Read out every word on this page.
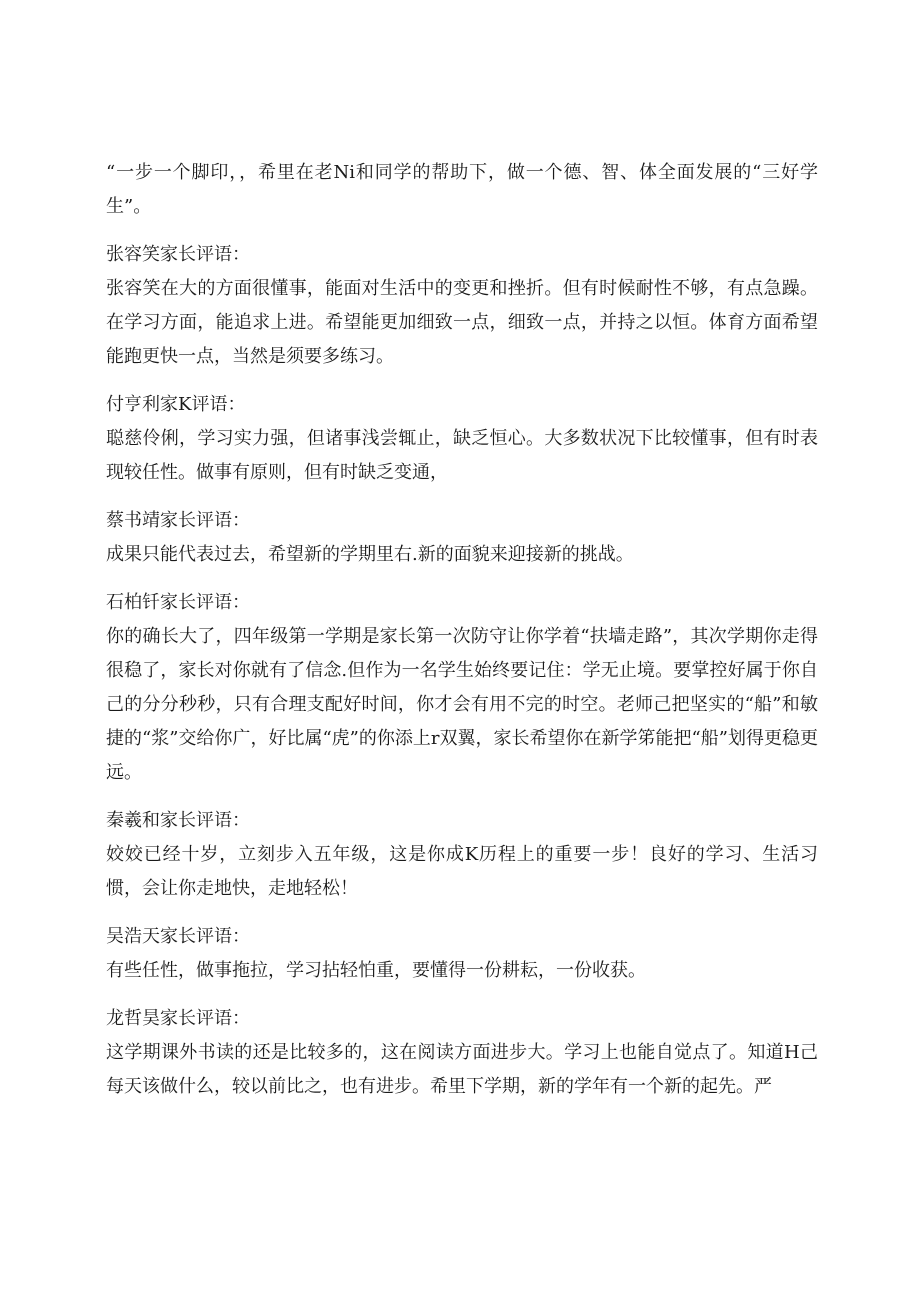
“一步一个脚印，，希里在老Ni和同学的帮助下，做一个德、智、体全面发展的“三好学生”。

张容笑家长评语：
张容笑在大的方面很懂事，能面对生活中的变更和挫折。但有时候耐性不够，有点急躁。在学习方面，能追求上进。希望能更加细致一点，细致一点，并持之以恒。体育方面希望能跑更快一点，当然是须要多练习。
付亨利家K评语：
聪慈伶俐，学习实力强，但诸事浅尝辄止，缺乏恒心。大多数状况下比较懂事，但有时表现较任性。做事有原则，但有时缺乏变通，
蔡书靖家长评语：
成果只能代表过去，希望新的学期里右.新的面貌来迎接新的挑战。
石柏钎家长评语：
你的确长大了，四年级第一学期是家长第一次防守让你学着“扶墙走路”，其次学期你走得很稳了，家长对你就有了信念.但作为一名学生始终要记住：学无止境。要掌控好属于你自己的分分秒秒，只有合理支配好时间，你才会有用不完的时空。老师己把坚实的“船”和敏捷的“浆”交给你广，好比属“虎”的你添上r双翼，家长希望你在新学笫能把“船”划得更稳更远。
秦羲和家长评语：
姣姣已经十岁，立刻步入五年级，这是你成K历程上的重要一步！良好的学习、生活习惯，会让你走地快，走地轻松！
吴浩天家长评语：
有些任性，做事拖拉，学习拈轻怕重，要懂得一份耕耘，一份收获。
龙哲昊家长评语：
这学期课外书读的还是比较多的，这在阅读方面进步大。学习上也能自觉点了。知道H己每天该做什么，较以前比之，也有进步。希里下学期，新的学年有一个新的起先。严
